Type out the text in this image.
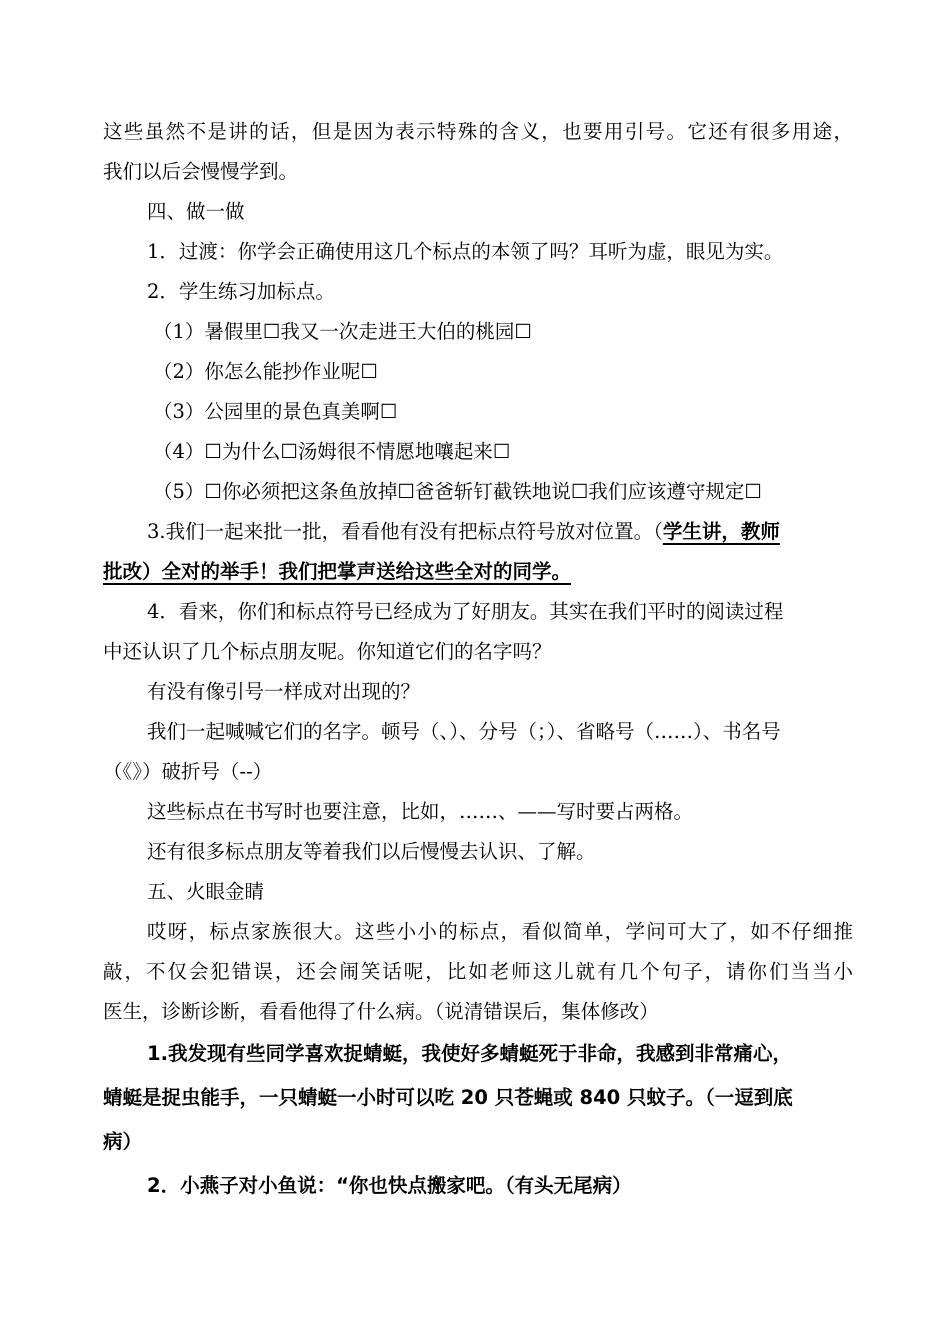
这些虽然不是讲的话，但是因为表示特殊的含义，也要用引号。它还有很多用途，
我们以后会慢慢学到。
四、做一做
1．过渡：你学会正确使用这几个标点的本领了吗？耳听为虚，眼见为实。
2．学生练习加标点。
（1）暑假里☐我又一次走进王大伯的桃园☐
（2）你怎么能抄作业呢☐
（3）公园里的景色真美啊☐
（4）☐为什么☐汤姆很不情愿地嚷起来☐
（5）☐你必须把这条鱼放掉☐爸爸斩钉截铁地说☐我们应该遵守规定☐
3.我们一起来批一批，看看他有没有把标点符号放对位置。（学生讲，教师
批改）全对的举手！我们把掌声送给这些全对的同学。
4．看来，你们和标点符号已经成为了好朋友。其实在我们平时的阅读过程
中还认识了几个标点朋友呢。你知道它们的名字吗？
有没有像引号一样成对出现的？
我们一起喊喊它们的名字。顿号（、）、分号（；）、省略号（……）、书名号
（《》）破折号（--）
这些标点在书写时也要注意，比如，……、——写时要占两格。
还有很多标点朋友等着我们以后慢慢去认识、了解。
五、火眼金睛
哎呀，标点家族很大。这些小小的标点，看似简单，学问可大了，如不仔细推
敲，不仅会犯错误，还会闹笑话呢，比如老师这儿就有几个句子，请你们当当小
医生，诊断诊断，看看他得了什么病。（说清错误后，集体修改）
1.我发现有些同学喜欢捉蜻蜓，我使好多蜻蜓死于非命，我感到非常痛心，
蜻蜓是捉虫能手，一只蜻蜓一小时可以吃 20 只苍蝇或 840 只蚊子。（一逗到底
病）
2．小燕子对小鱼说：“你也快点搬家吧。（有头无尾病）
